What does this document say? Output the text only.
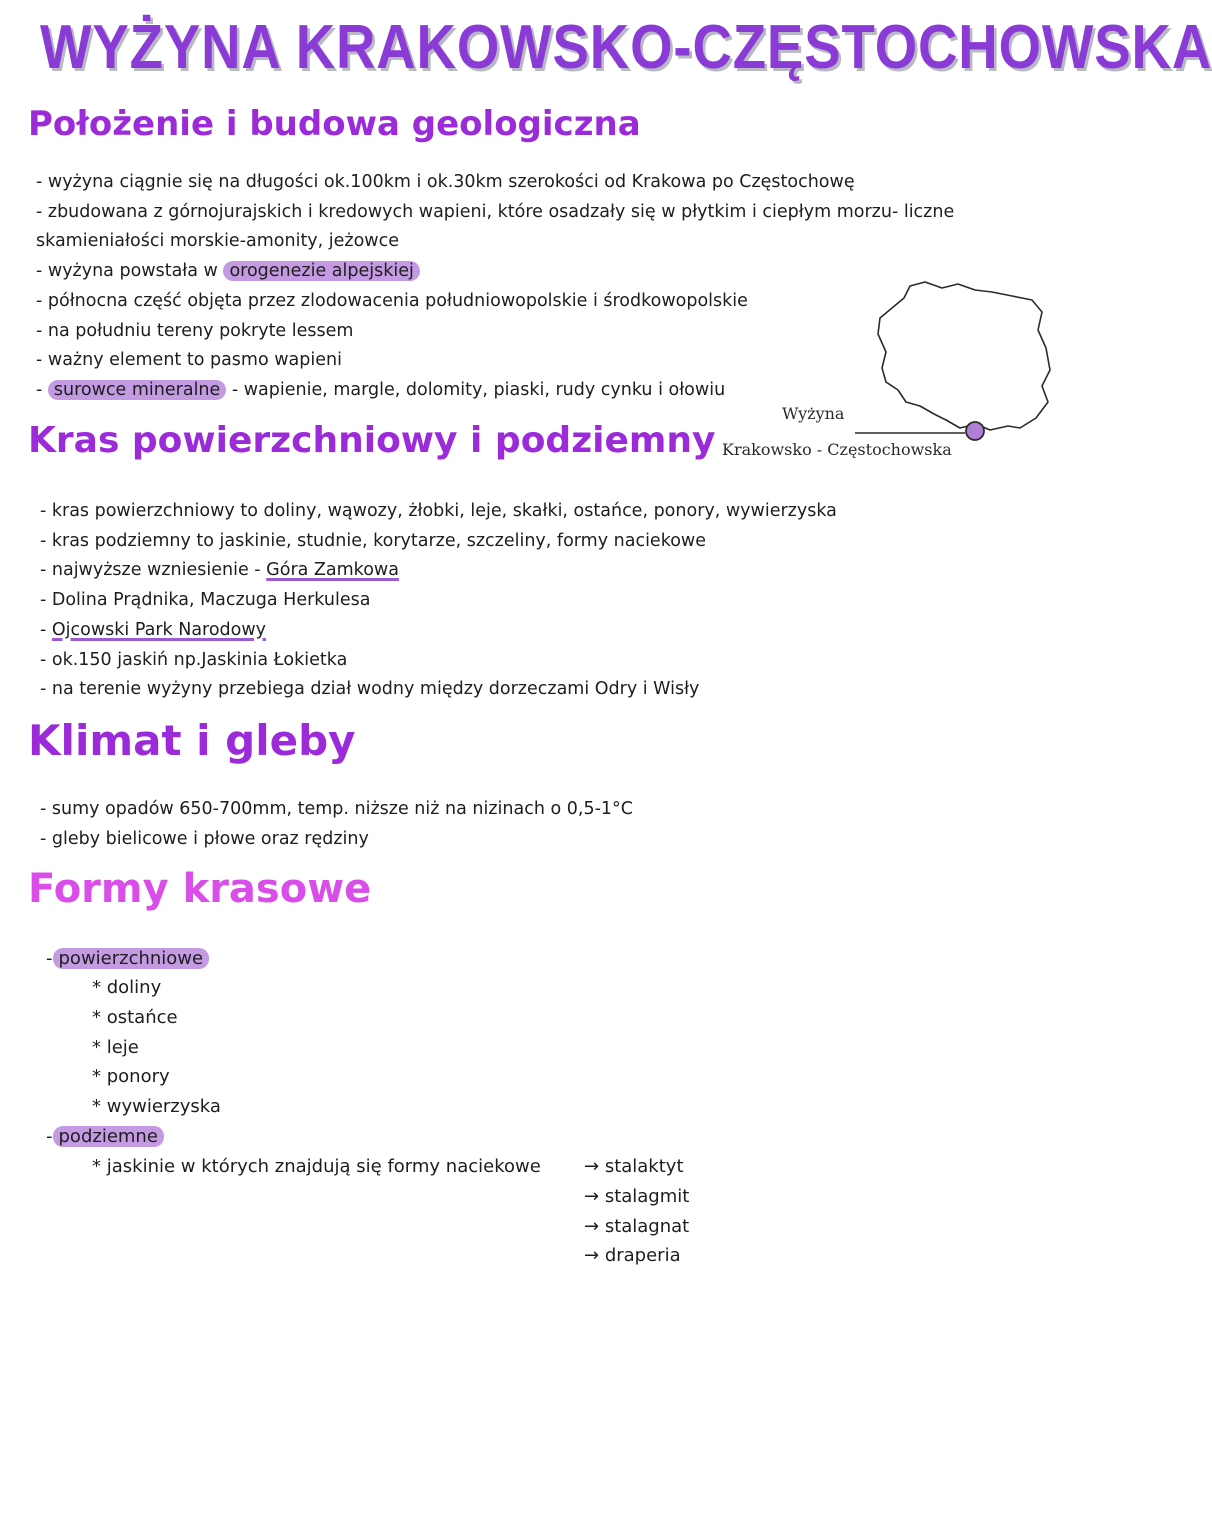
WYŻYNA KRAKOWSKO-CZĘSTOCHOWSKA
Położenie i budowa geologiczna
- wyżyna ciągnie się na długości ok.100km i ok.30km szerokości od Krakowa po Częstochowę
- zbudowana z górnojurajskich i kredowych wapieni, które osadzały się w płytkim i ciepłym morzu- liczne skamieniałości morskie-amonity, jeżowce
- wyżyna powstała w orogenezie alpejskiej
- północna część objęta przez zlodowacenia południowopolskie i środkowopolskie
- na południu tereny pokryte lessem
- ważny element to pasmo wapieni
- surowce mineralne - wapienie, margle, dolomity, piaski, rudy cynku i ołowiu
Wyżyna
Krakowsko - Częstochowska
Kras powierzchniowy i podziemny
- kras powierzchniowy to doliny, wąwozy, żłobki, leje, skałki, ostańce, ponory, wywierzyska
- kras podziemny to jaskinie, studnie, korytarze, szczeliny, formy naciekowe
- najwyższe wzniesienie - Góra Zamkowa
- Dolina Prądnika, Maczuga Herkulesa
- Ojcowski Park Narodowy
- ok.150 jaskiń np.Jaskinia Łokietka
- na terenie wyżyny przebiega dział wodny między dorzeczami Odry i Wisły
Klimat i gleby
- sumy opadów 650-700mm, temp. niższe niż na nizinach o 0,5-1°C
- gleby bielicowe i płowe oraz rędziny
Formy krasowe
- powierzchniowe
* doliny
* ostańce
* leje
* ponory
* wywierzyska
- podziemne
* jaskinie w których znajdują się formy naciekowe → stalaktyt
→ stalagmit
→ stalagnat
→ draperia
